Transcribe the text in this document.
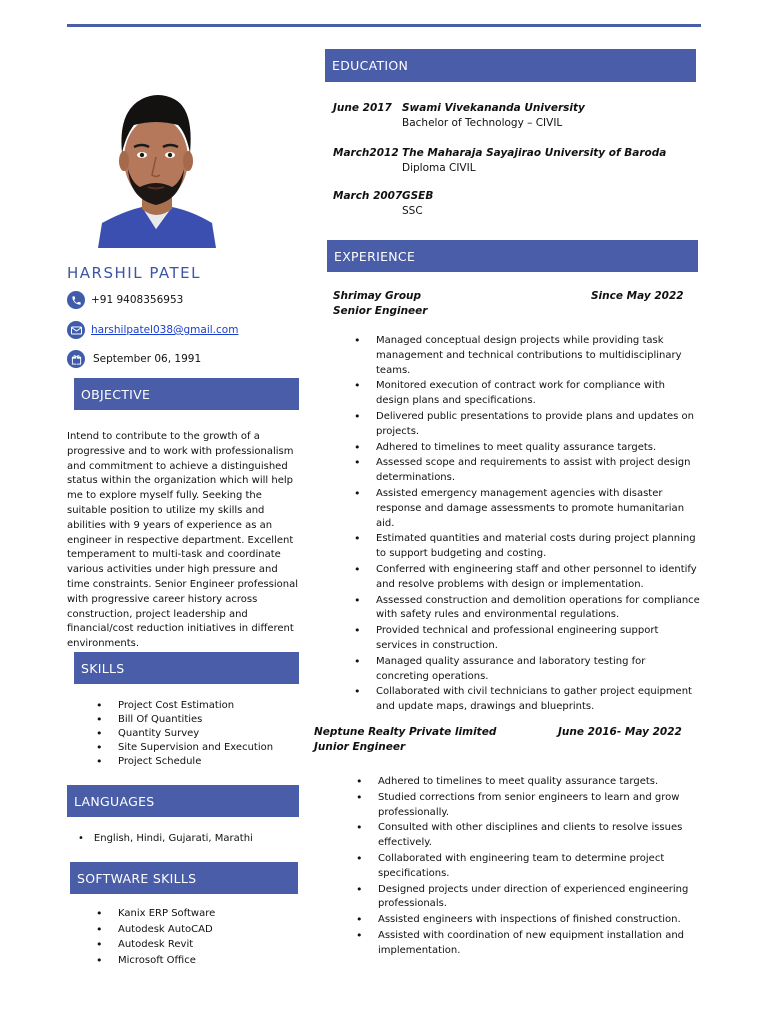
HARSHIL PATEL
+91 9408356953
harshilpatel038@gmail.com
September 06, 1991
OBJECTIVE

Intend to contribute to the growth of a progressive and to work with professionalism and commitment to achieve a distinguished status within the organization which will help me to explore myself fully. Seeking the suitable position to utilize my skills and abilities with 9 years of experience as an engineer in respective department. Excellent temperament to multi-task and coordinate various activities under high pressure and time constraints. Senior Engineer professional with progressive career history across construction, project leadership and financial/cost reduction initiatives in different environments.

SKILLS
• Project Cost Estimation
• Bill Of Quantities
• Quantity Survey
• Site Supervision and Execution
• Project Schedule
LANGUAGES
• English, Hindi, Gujarati, Marathi
SOFTWARE SKILLS
• Kanix ERP Software
• Autodesk AutoCAD
• Autodesk Revit
• Microsoft Office
EDUCATION
June 2017 Swami Vivekananda University
Bachelor of Technology – CIVIL
March2012 The Maharaja Sayajirao University of Baroda
Diploma CIVIL
March 2007 GSEB
SSC
EXPERIENCE
Shrimay Group	Since May 2022
Senior Engineer
• Managed conceptual design projects while providing task management and technical contributions to multidisciplinary teams.
• Monitored execution of contract work for compliance with design plans and specifications.
• Delivered public presentations to provide plans and updates on projects.
• Adhered to timelines to meet quality assurance targets.
• Assessed scope and requirements to assist with project design determinations.
• Assisted emergency management agencies with disaster response and damage assessments to promote humanitarian aid.
• Estimated quantities and material costs during project planning to support budgeting and costing.
• Conferred with engineering staff and other personnel to identify and resolve problems with design or implementation.
• Assessed construction and demolition operations for compliance with safety rules and environmental regulations.
• Provided technical and professional engineering support services in construction.
• Managed quality assurance and laboratory testing for concreting operations.
• Collaborated with civil technicians to gather project equipment and update maps, drawings and blueprints.
Neptune Realty Private limited	June 2016- May 2022
Junior Engineer
• Adhered to timelines to meet quality assurance targets.
• Studied corrections from senior engineers to learn and grow professionally.
• Consulted with other disciplines and clients to resolve issues effectively.
• Collaborated with engineering team to determine project specifications.
• Designed projects under direction of experienced engineering professionals.
• Assisted engineers with inspections of finished construction.
• Assisted with coordination of new equipment installation and implementation.
